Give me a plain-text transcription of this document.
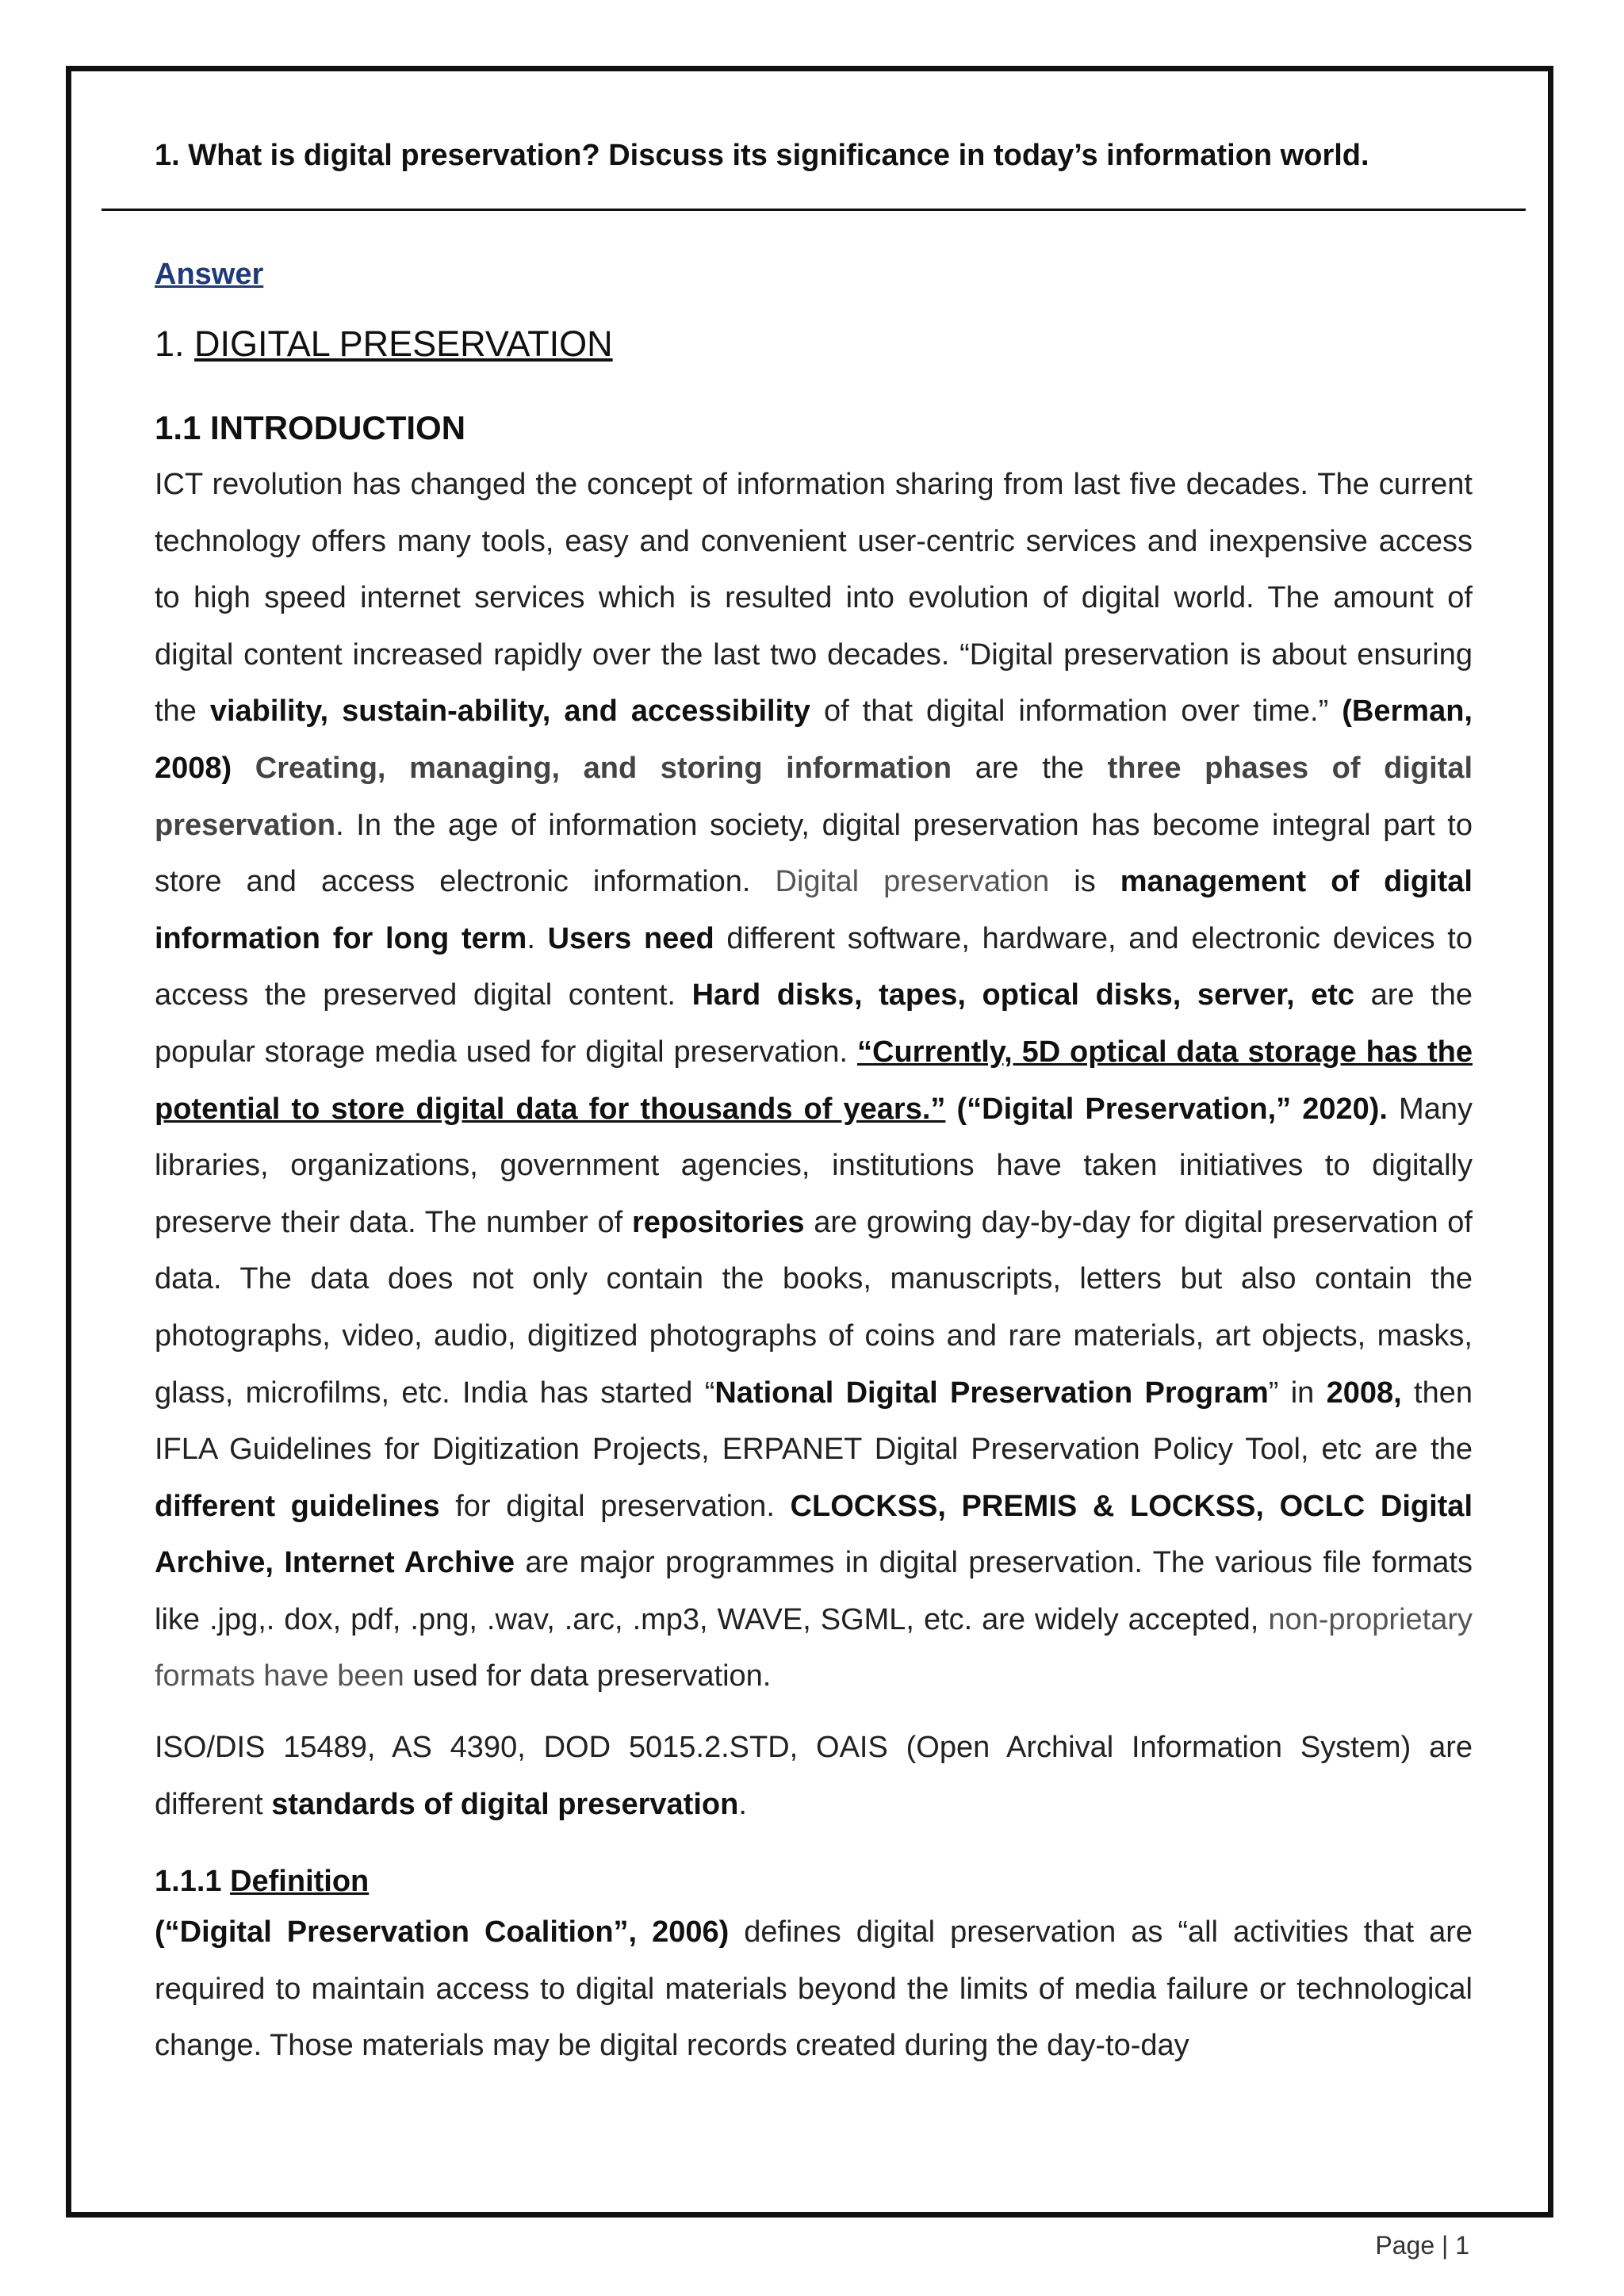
1. What is digital preservation? Discuss its significance in today’s information world.
Answer
1. DIGITAL PRESERVATION
1.1 INTRODUCTION

ICT revolution has changed the concept of information sharing from last five decades. The current technology offers many tools, easy and convenient user-centric services and inexpensive access to high speed internet services which is resulted into evolution of digital world. The amount of digital content increased rapidly over the last two decades. “Digital preservation is about ensuring the viability, sustain-ability, and accessibility of that digital information over time.” (Berman, 2008) Creating, managing, and storing information are the three phases of digital preservation. In the age of information society, digital preservation has become integral part to store and access electronic information. Digital preservation is management of digital information for long term. Users need different software, hardware, and electronic devices to access the preserved digital content. Hard disks, tapes, optical disks, server, etc are the popular storage media used for digital preservation. “Currently, 5D optical data storage has the potential to store digital data for thousands of years.” (“Digital Preservation,” 2020). Many libraries, organizations, government agencies, institutions have taken initiatives to digitally preserve their data. The number of repositories are growing day-by-day for digital preservation of data. The data does not only contain the books, manuscripts, letters but also contain the photographs, video, audio, digitized photographs of coins and rare materials, art objects, masks, glass, microfilms, etc. India has started “National Digital Preservation Program” in 2008, then IFLA Guidelines for Digitization Projects, ERPANET Digital Preservation Policy Tool, etc are the different guidelines for digital preservation. CLOCKSS, PREMIS & LOCKSS, OCLC Digital Archive, Internet Archive are major programmes in digital preservation. The various file formats like .jpg,. dox, pdf, .png, .wav, .arc, .mp3, WAVE, SGML, etc. are widely accepted, non-proprietary formats have been used for data preservation.

ISO/DIS 15489, AS 4390, DOD 5015.2.STD, OAIS (Open Archival Information System) are different standards of digital preservation.

1.1.1 Definition

(“Digital Preservation Coalition”, 2006) defines digital preservation as “all activities that are required to maintain access to digital materials beyond the limits of media failure or technological change. Those materials may be digital records created during the day-to-day

Page | 1
